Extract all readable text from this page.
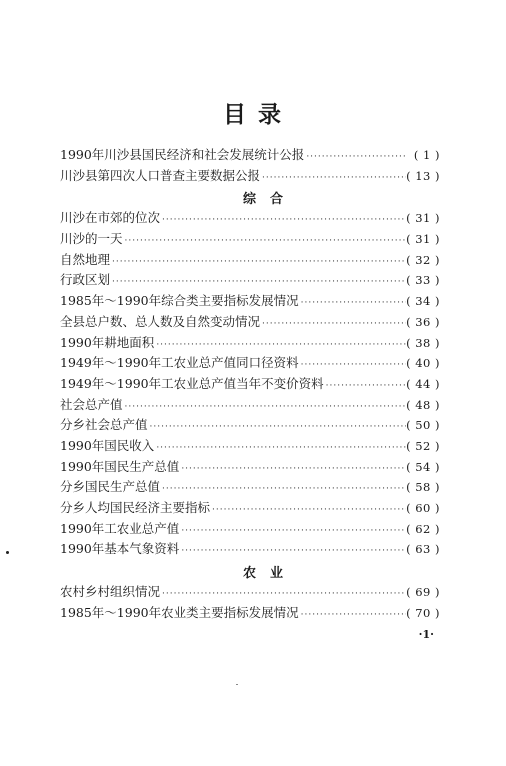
目 录
1990年川沙县国民经济和社会发展统计公报 ·····	( 1 )
川沙县第四次人口普查主要数据公报 ·····	( 13 )
综合
川沙在市郊的位次 ·····	( 31 )
川沙的一天 ·····	( 31 )
自然地理 ·····	( 32 )
行政区划 ·····	( 33 )
1985年～1990年综合类主要指标发展情况 ·····	( 34 )
全县总户数、总人数及自然变动情况 ·····	( 36 )
1990年耕地面积 ·····	( 38 )
1949年～1990年工农业总产值同口径资料 ·····	( 40 )
1949年～1990年工农业总产值当年不变价资料 ·····	( 44 )
社会总产值 ·····	( 48 )
分乡社会总产值 ·····	( 50 )
1990年国民收入 ·····	( 52 )
1990年国民生产总值 ·····	( 54 )
分乡国民生产总值 ·····	( 58 )
分乡人均国民经济主要指标 ·····	( 60 )
1990年工农业总产值 ·····	( 62 )
1990年基本气象资料 ·····	( 63 )
农业
农村乡村组织情况 ·····	( 69 )
1985年～1990年农业类主要指标发展情况 ·····	( 70 )
·1·
